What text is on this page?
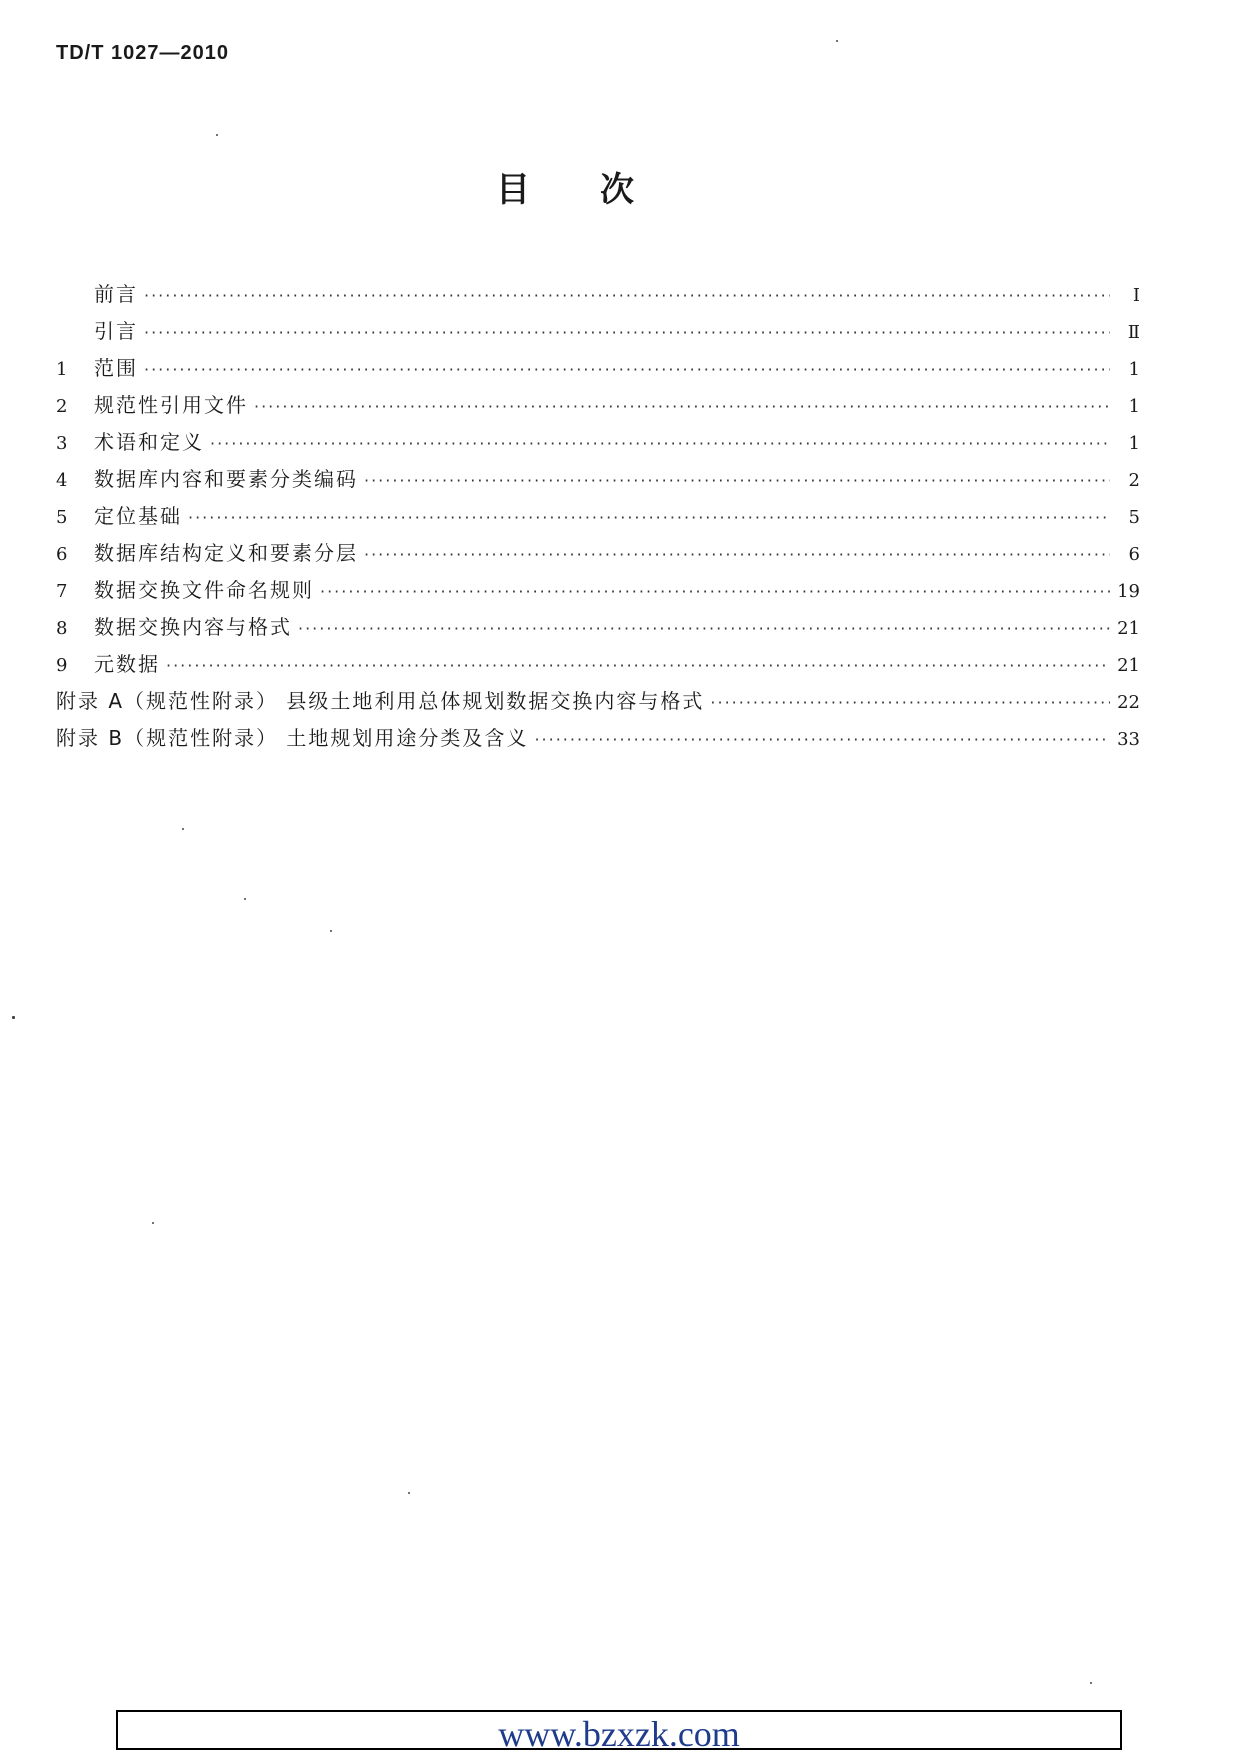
TD/T 1027—2010
目次
前言 ·····	Ⅰ
引言 ·····	Ⅱ
1	范围 ·····	1
2	规范性引用文件 ·····	1
3	术语和定义 ·····	1
4	数据库内容和要素分类编码 ·····	2
5	定位基础 ·····	5
6	数据库结构定义和要素分层 ·····	6
7	数据交换文件命名规则 ·····	19
8	数据交换内容与格式 ·····	21
9	元数据 ·····	21
附录 A（规范性附录） 县级土地利用总体规划数据交换内容与格式 ·····	22
附录 B（规范性附录） 土地规划用途分类及含义 ·····	33
www.bzxzk.com
